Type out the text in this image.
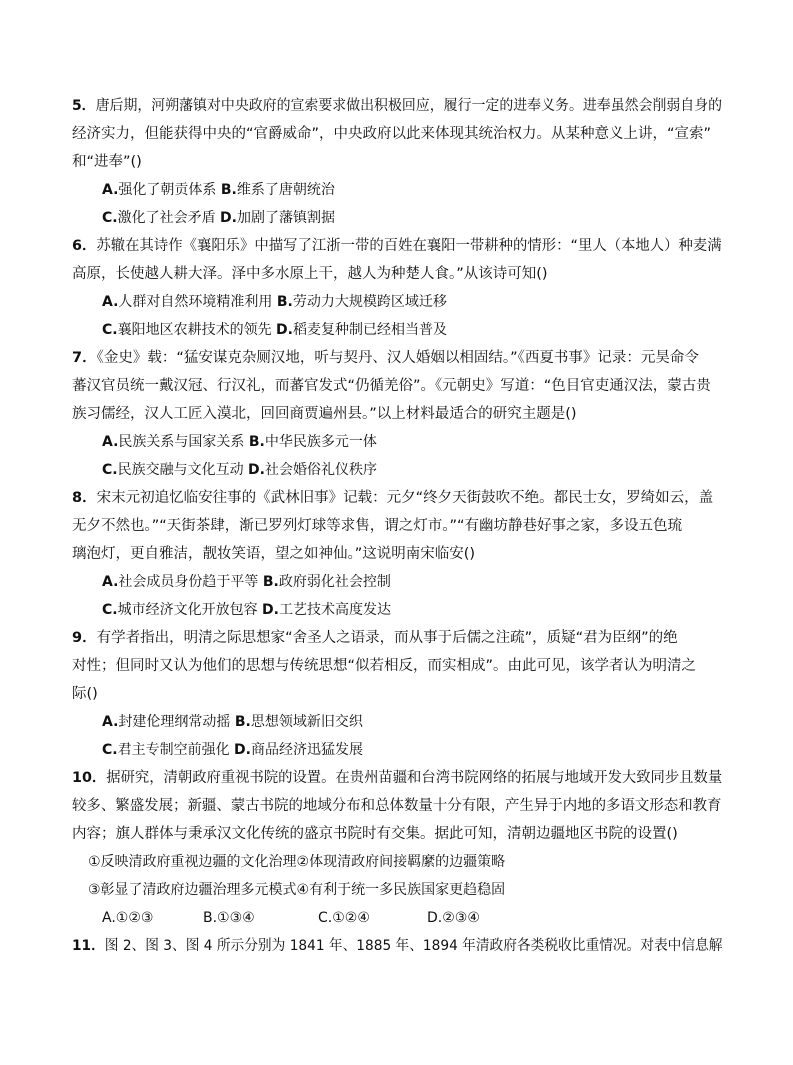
5．唐后期，河朔藩镇对中央政府的宣索要求做出积极回应，履行一定的进奉义务。进奉虽然会削弱自身的
经济实力，但能获得中央的“官爵威命”，中央政府以此来体现其统治权力。从某种意义上讲，“宣索”
和“进奉”()
A.强化了朝贡体系 B.维系了唐朝统治
C.激化了社会矛盾 D.加剧了藩镇割据
6．苏辙在其诗作《襄阳乐》中描写了江浙一带的百姓在襄阳一带耕种的情形：“里人（本地人）种麦满
高原，长使越人耕大泽。泽中多水原上干，越人为种楚人食。”从该诗可知()
A.人群对自然环境精准利用 B.劳动力大规模跨区域迁移
C.襄阳地区农耕技术的领先 D.稻麦复种制已经相当普及
7．《金史》载：“猛安谋克杂厕汉地，听与契丹、汉人婚姻以相固结。”《西夏书事》记录：元昊命令
蕃汉官员统一戴汉冠、行汉礼，而蕃官发式“仍循羌俗”。《元朝史》写道：“色目官吏通汉法，蒙古贵
族习儒经，汉人工匠入漠北，回回商贾遍州县。”以上材料最适合的研究主题是()
A.民族关系与国家关系 B.中华民族多元一体
C.民族交融与文化互动 D.社会婚俗礼仪秩序
8．宋末元初追忆临安往事的《武林旧事》记载：元夕“终夕天街鼓吹不绝。都民士女，罗绮如云，盖
无夕不然也。”“天街茶肆，渐已罗列灯球等求售，谓之灯市。”“有幽坊静巷好事之家，多设五色琉
璃泡灯，更自雅洁，靓妆笑语，望之如神仙。”这说明南宋临安()
A.社会成员身份趋于平等 B.政府弱化社会控制
C.城市经济文化开放包容 D.工艺技术高度发达
9．有学者指出，明清之际思想家“舍圣人之语录，而从事于后儒之注疏”，质疑“君为臣纲”的绝
对性；但同时又认为他们的思想与传统思想“似若相反，而实相成”。由此可见，该学者认为明清之
际()
A.封建伦理纲常动摇 B.思想领域新旧交织
C.君主专制空前强化 D.商品经济迅猛发展
10．据研究，清朝政府重视书院的设置。在贵州苗疆和台湾书院网络的拓展与地域开发大致同步且数量
较多、繁盛发展；新疆、蒙古书院的地域分布和总体数量十分有限，产生异于内地的多语文形态和教育
内容；旗人群体与秉承汉文化传统的盛京书院时有交集。据此可知，清朝边疆地区书院的设置()
①反映清政府重视边疆的文化治理②体现清政府间接羁縻的边疆策略
③彰显了清政府边疆治理多元模式④有利于统一多民族国家更趋稳固
A.①②③	B.①③④	C.①②④	D.②③④
11．图 2、图 3、图 4 所示分别为 1841 年、1885 年、1894 年清政府各类税收比重情况。对表中信息解
